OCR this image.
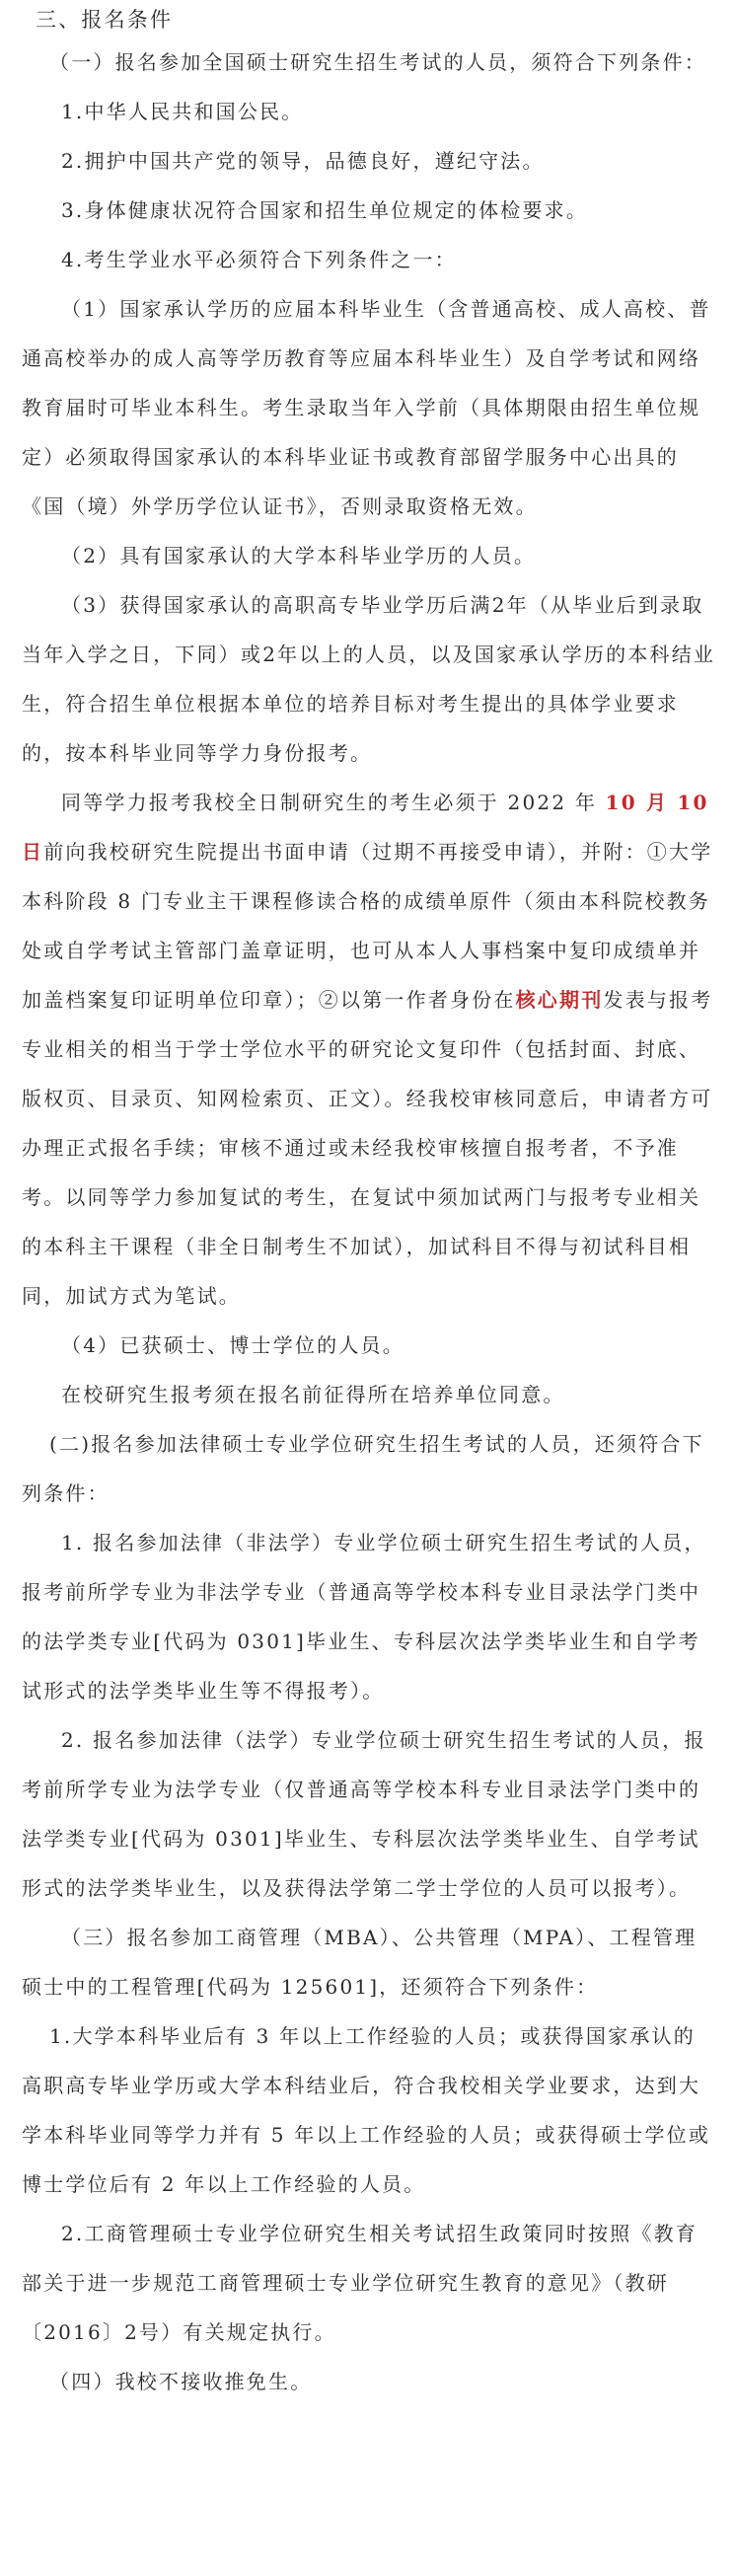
三、报名条件

（一）报名参加全国硕士研究生招生考试的人员，须符合下列条件：

1.中华人民共和国公民。

2.拥护中国共产党的领导，品德良好，遵纪守法。

3.身体健康状况符合国家和招生单位规定的体检要求。

4.考生学业水平必须符合下列条件之一：

（1）国家承认学历的应届本科毕业生（含普通高校、成人高校、普通高校举办的成人高等学历教育等应届本科毕业生）及自学考试和网络教育届时可毕业本科生。考生录取当年入学前（具体期限由招生单位规定）必须取得国家承认的本科毕业证书或教育部留学服务中心出具的《国（境）外学历学位认证书》，否则录取资格无效。

（2）具有国家承认的大学本科毕业学历的人员。

（3）获得国家承认的高职高专毕业学历后满2年（从毕业后到录取当年入学之日，下同）或2年以上的人员，以及国家承认学历的本科结业生，符合招生单位根据本单位的培养目标对考生提出的具体学业要求的，按本科毕业同等学力身份报考。

同等学力报考我校全日制研究生的考生必须于 2022 年 10 月 10 日前向我校研究生院提出书面申请（过期不再接受申请），并附：①大学本科阶段 8 门专业主干课程修读合格的成绩单原件（须由本科院校教务处或自学考试主管部门盖章证明，也可从本人人事档案中复印成绩单并加盖档案复印证明单位印章）；②以第一作者身份在核心期刊发表与报考专业相关的相当于学士学位水平的研究论文复印件（包括封面、封底、版权页、目录页、知网检索页、正文）。经我校审核同意后，申请者方可办理正式报名手续；审核不通过或未经我校审核擅自报考者，不予准考。以同等学力参加复试的考生，在复试中须加试两门与报考专业相关的本科主干课程（非全日制考生不加试），加试科目不得与初试科目相同，加试方式为笔试。

（4）已获硕士、博士学位的人员。

在校研究生报考须在报名前征得所在培养单位同意。

(二)报名参加法律硕士专业学位研究生招生考试的人员，还须符合下列条件：

1. 报名参加法律（非法学）专业学位硕士研究生招生考试的人员，报考前所学专业为非法学专业（普通高等学校本科专业目录法学门类中的法学类专业[代码为 0301]毕业生、专科层次法学类毕业生和自学考试形式的法学类毕业生等不得报考）。

2. 报名参加法律（法学）专业学位硕士研究生招生考试的人员，报考前所学专业为法学专业（仅普通高等学校本科专业目录法学门类中的法学类专业[代码为 0301]毕业生、专科层次法学类毕业生、自学考试形式的法学类毕业生，以及获得法学第二学士学位的人员可以报考）。

（三）报名参加工商管理（MBA）、公共管理（MPA）、工程管理硕士中的工程管理[代码为 125601]，还须符合下列条件：

1.大学本科毕业后有 3 年以上工作经验的人员；或获得国家承认的高职高专毕业学历或大学本科结业后，符合我校相关学业要求，达到大学本科毕业同等学力并有 5 年以上工作经验的人员；或获得硕士学位或博士学位后有 2 年以上工作经验的人员。

2.工商管理硕士专业学位研究生相关考试招生政策同时按照《教育部关于进一步规范工商管理硕士专业学位研究生教育的意见》（教研〔2016〕2号）有关规定执行。

（四）我校不接收推免生。
